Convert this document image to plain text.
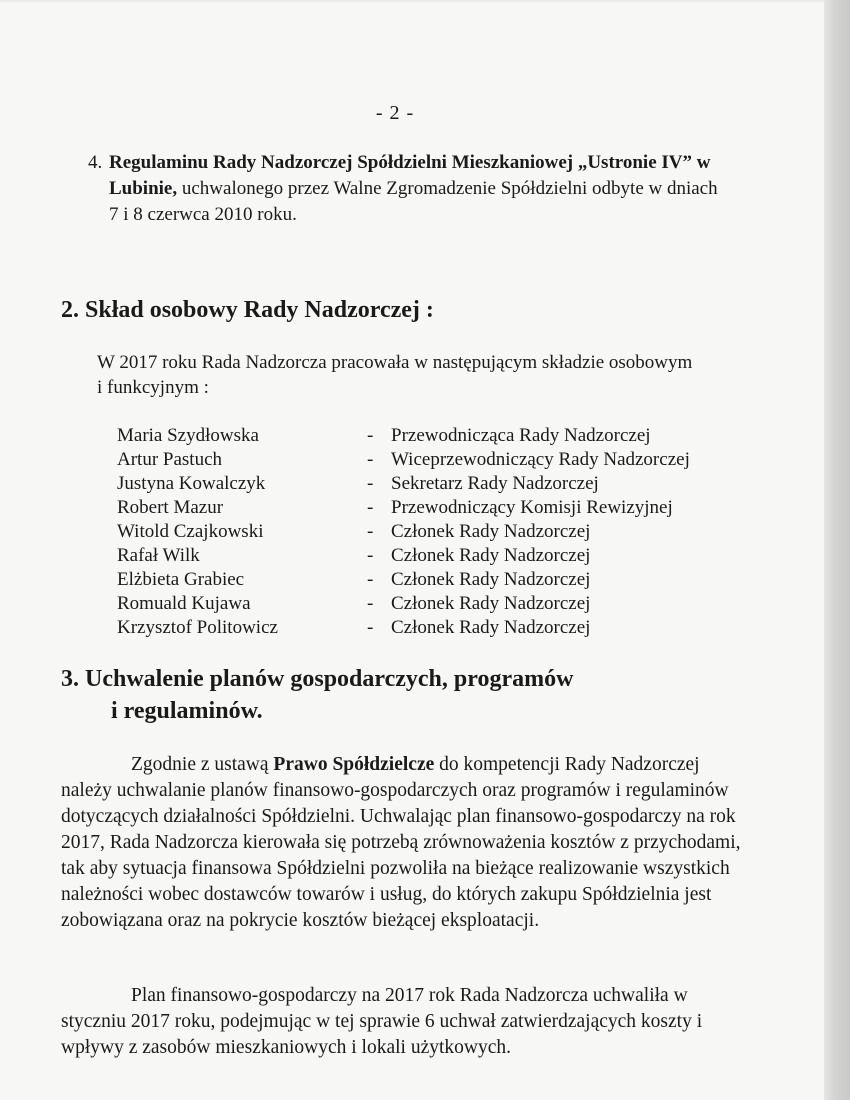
- 2 -
4. Regulaminu Rady Nadzorczej Spółdzielni Mieszkaniowej „Ustronie IV” w Lubinie, uchwalonego przez Walne Zgromadzenie Spółdzielni odbyte w dniach 7 i 8 czerwca 2010 roku.
2. Skład osobowy Rady Nadzorczej :
W 2017 roku Rada Nadzorcza pracowała w następującym składzie osobowym i funkcyjnym :
Maria Szydłowska	- Przewodnicząca Rady Nadzorczej
Artur Pastuch	- Wiceprzewodniczący Rady Nadzorczej
Justyna Kowalczyk	- Sekretarz Rady Nadzorczej
Robert Mazur	- Przewodniczący Komisji Rewizyjnej
Witold Czajkowski	- Członek Rady Nadzorczej
Rafał Wilk	- Członek Rady Nadzorczej
Elżbieta Grabiec	- Członek Rady Nadzorczej
Romuald Kujawa	- Członek Rady Nadzorczej
Krzysztof Politowicz	- Członek Rady Nadzorczej
3. Uchwalenie planów gospodarczych, programów
i regulaminów.
Zgodnie z ustawą Prawo Spółdzielcze do kompetencji Rady Nadzorczej należy uchwalanie planów finansowo-gospodarczych oraz programów i regulaminów dotyczących działalności Spółdzielni. Uchwalając plan finansowo-gospodarczy na rok 2017, Rada Nadzorcza kierowała się potrzebą zrównoważenia kosztów z przychodami, tak aby sytuacja finansowa Spółdzielni pozwoliła na bieżące realizowanie wszystkich należności wobec dostawców towarów i usług, do których zakupu Spółdzielnia jest zobowiązana oraz na pokrycie kosztów bieżącej eksploatacji.
Plan finansowo-gospodarczy na 2017 rok Rada Nadzorcza uchwaliła w styczniu 2017 roku, podejmując w tej sprawie 6 uchwał zatwierdzających koszty i wpływy z zasobów mieszkaniowych i lokali użytkowych.
